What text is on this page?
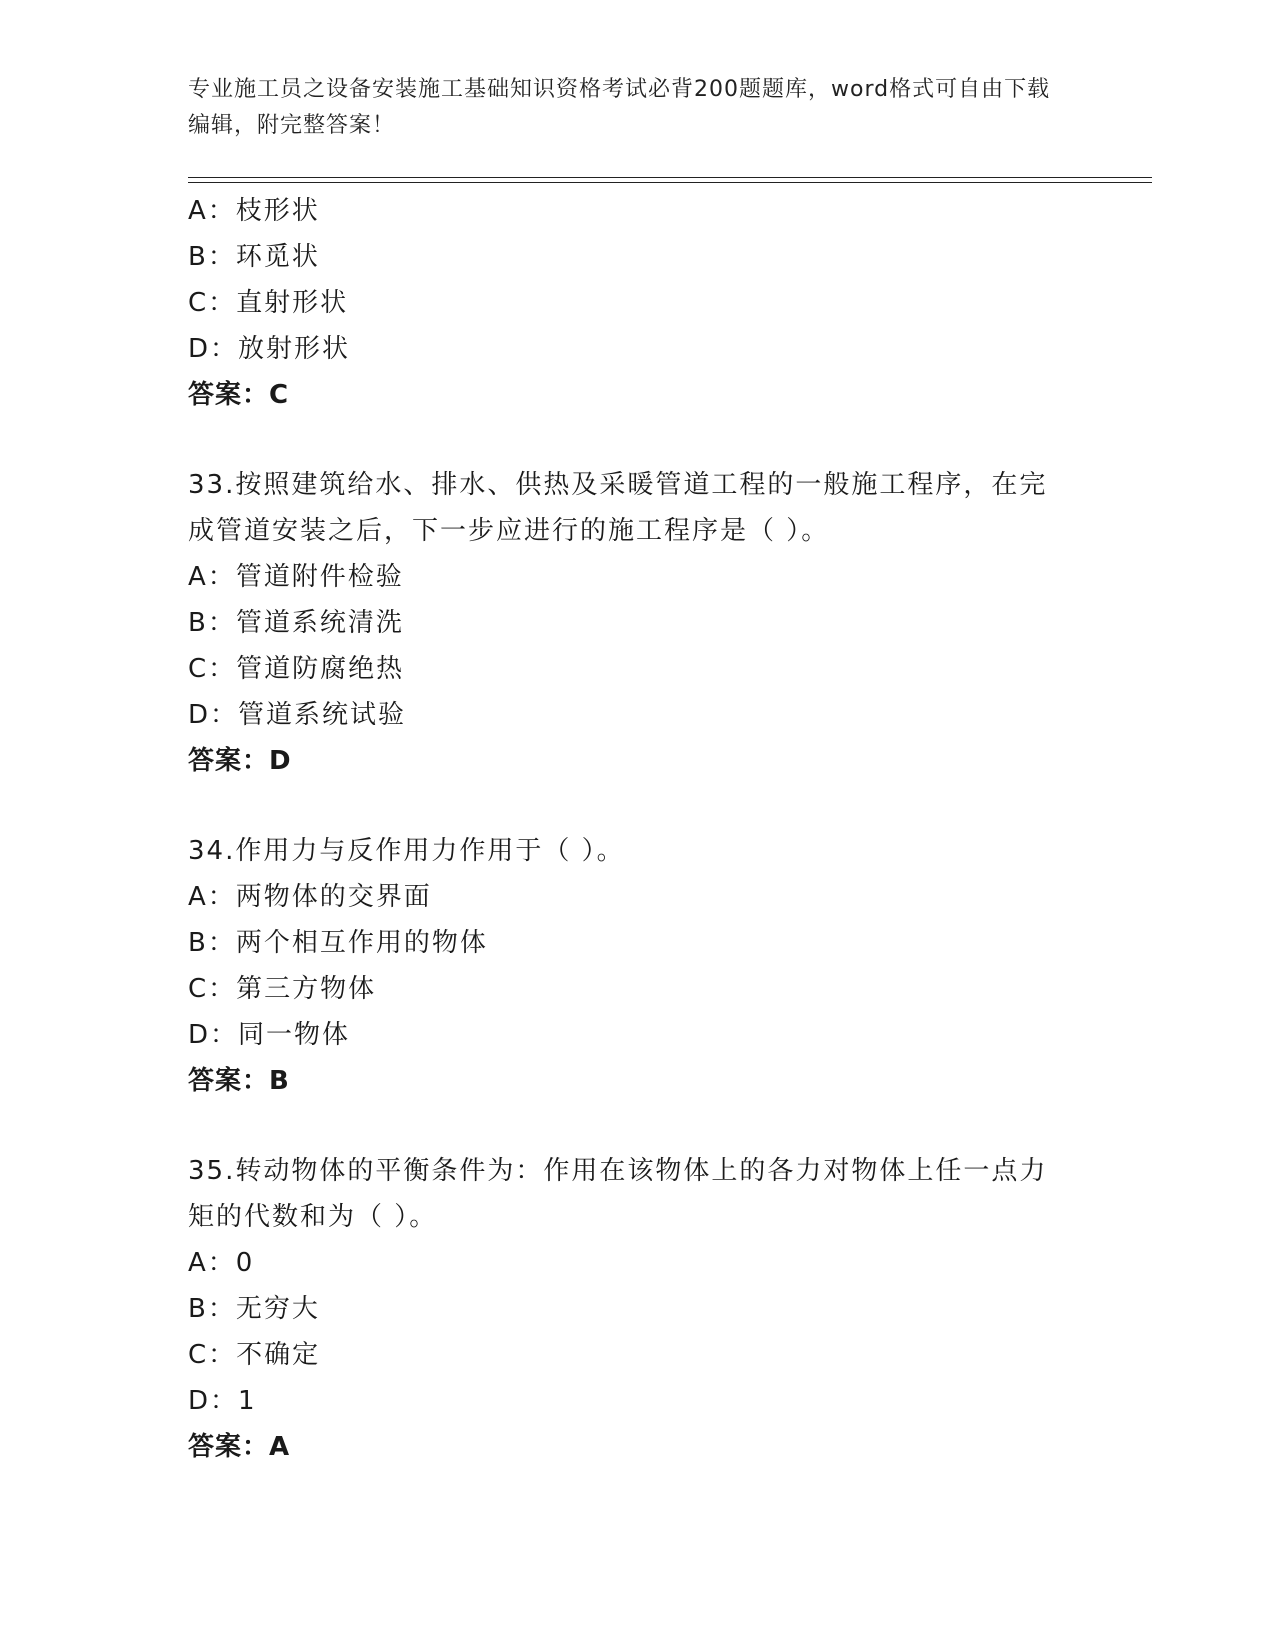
专业施工员之设备安装施工基础知识资格考试必背200题题库，word格式可自由下载编辑，附完整答案！
A：枝形状
B：环觅状
C：直射形状
D：放射形状
答案：C
33.按照建筑给水、排水、供热及采暖管道工程的一般施工程序，在完成管道安装之后，下一步应进行的施工程序是（ ）。
A：管道附件检验
B：管道系统清洗
C：管道防腐绝热
D：管道系统试验
答案：D
34.作用力与反作用力作用于（ ）。
A：两物体的交界面
B：两个相互作用的物体
C：第三方物体
D：同一物体
答案：B
35.转动物体的平衡条件为：作用在该物体上的各力对物体上任一点力矩的代数和为（ ）。
A：0
B：无穷大
C：不确定
D：1
答案：A
